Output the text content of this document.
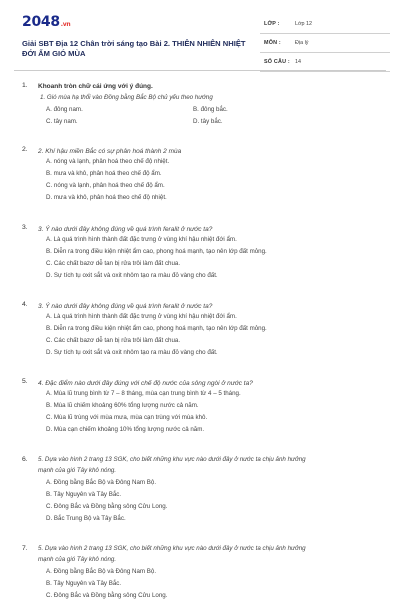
2048.vn
Giải SBT Địa 12 Chân trời sáng tạo Bài 2. THIÊN NHIÊN NHIỆT ĐỚI ẨM GIÓ MÙA
LỚP :	Lớp 12
MÔN :	Địa lý
SỐ CÂU : 14
1. Khoanh tròn chữ cái ứng với ý đúng.
1. Gió mùa hạ thổi vào Đồng bằng Bắc Bộ chủ yếu theo hướng
A. đông nam.	B. đông bắc.
C. tây nam.	D. tây bắc.
2. 2. Khí hậu miền Bắc có sự phân hoá thành 2 mùa
A. nóng và lạnh, phân hoá theo chế độ nhiệt.
B. mưa và khô, phân hoá theo chế độ ẩm.
C. nóng và lạnh, phân hoá theo chế độ ẩm.
D. mưa và khô, phân hoá theo chế độ nhiệt.
3. 3. Ý nào dưới đây không đúng về quá trình feralit ở nước ta?
A. Là quá trình hình thành đất đặc trưng ở vùng khí hậu nhiệt đới ẩm.
B. Diễn ra trong điều kiện nhiệt ẩm cao, phong hoá mạnh, tạo nên lớp đất mỏng.
C. Các chất bazơ dễ tan bị rửa trôi làm đất chua.
D. Sự tích tụ oxit sắt và oxit nhôm tạo ra màu đỏ vàng cho đất.
4. 3. Ý nào dưới đây không đúng về quá trình feralit ở nước ta?
A. Là quá trình hình thành đất đặc trưng ở vùng khí hậu nhiệt đới ẩm.
B. Diễn ra trong điều kiện nhiệt ẩm cao, phong hoá mạnh, tạo nên lớp đất mỏng.
C. Các chất bazơ dễ tan bị rửa trôi làm đất chua.
D. Sự tích tụ oxit sắt và oxit nhôm tạo ra màu đỏ vàng cho đất.
5. 4. Đặc điểm nào dưới đây đúng với chế độ nước của sông ngòi ở nước ta?
A. Mùa lũ trung bình từ 7 – 8 tháng, mùa cạn trung bình từ 4 – 5 tháng.
B. Mùa lũ chiếm khoảng 60% tổng lượng nước cả năm.
C. Mùa lũ trùng với mùa mưa, mùa cạn trùng với mùa khô.
D. Mùa cạn chiếm khoảng 10% tổng lượng nước cả năm.
6. 5. Dựa vào hình 2 trang 13 SGK, cho biết những khu vực nào dưới đây ở nước ta chịu ảnh hưởng
mạnh của gió Tây khô nóng.
A. Đồng bằng Bắc Bộ và Đông Nam Bộ.
B. Tây Nguyên và Tây Bắc.
C. Đông Bắc và Đồng bằng sông Cửu Long.
D. Bắc Trung Bộ và Tây Bắc.
7. 5. Dựa vào hình 2 trang 13 SGK, cho biết những khu vực nào dưới đây ở nước ta chịu ảnh hưởng
mạnh của gió Tây khô nóng.
A. Đồng bằng Bắc Bộ và Đông Nam Bộ.
B. Tây Nguyên và Tây Bắc.
C. Đông Bắc và Đồng bằng sông Cửu Long.
